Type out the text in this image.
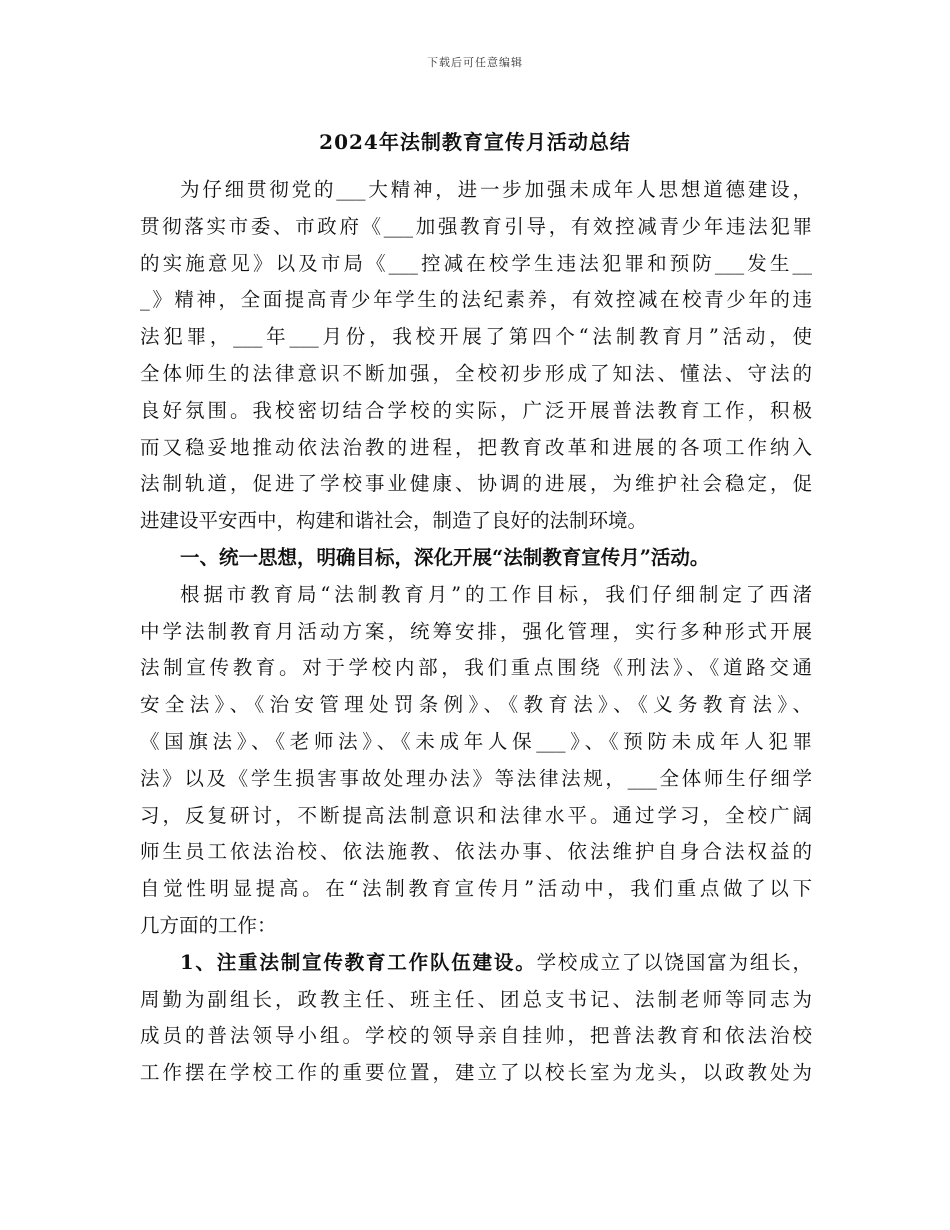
下载后可任意编辑
2024年法制教育宣传月活动总结
为仔细贯彻党的___大精神，进一步加强未成年人思想道德建设，
贯彻落实市委、市政府《___加强教育引导，有效控减青少年违法犯罪
的实施意见》以及市局《___控减在校学生违法犯罪和预防___发生__
_》精神，全面提高青少年学生的法纪素养，有效控减在校青少年的违
法犯罪，___年___月份，我校开展了第四个“法制教育月”活动，使
全体师生的法律意识不断加强，全校初步形成了知法、懂法、守法的
良好氛围。我校密切结合学校的实际，广泛开展普法教育工作，积极
而又稳妥地推动依法治教的进程，把教育改革和进展的各项工作纳入
法制轨道，促进了学校事业健康、协调的进展，为维护社会稳定，促
进建设平安西中，构建和谐社会，制造了良好的法制环境。
一、统一思想，明确目标，深化开展“法制教育宣传月”活动。
根据市教育局“法制教育月”的工作目标，我们仔细制定了西渚
中学法制教育月活动方案，统筹安排，强化管理，实行多种形式开展
法制宣传教育。对于学校内部，我们重点围绕《刑法》、《道路交通
安全法》、《治安管理处罚条例》、《教育法》、《义务教育法》、
《国旗法》、《老师法》、《未成年人保___》、《预防未成年人犯罪
法》以及《学生损害事故处理办法》等法律法规，___全体师生仔细学
习，反复研讨，不断提高法制意识和法律水平。通过学习，全校广阔
师生员工依法治校、依法施教、依法办事、依法维护自身合法权益的
自觉性明显提高。在“法制教育宣传月”活动中，我们重点做了以下
几方面的工作：
1、注重法制宣传教育工作队伍建设。学校成立了以饶国富为组长，
周勤为副组长，政教主任、班主任、团总支书记、法制老师等同志为
成员的普法领导小组。学校的领导亲自挂帅，把普法教育和依法治校
工作摆在学校工作的重要位置，建立了以校长室为龙头，以政教处为
